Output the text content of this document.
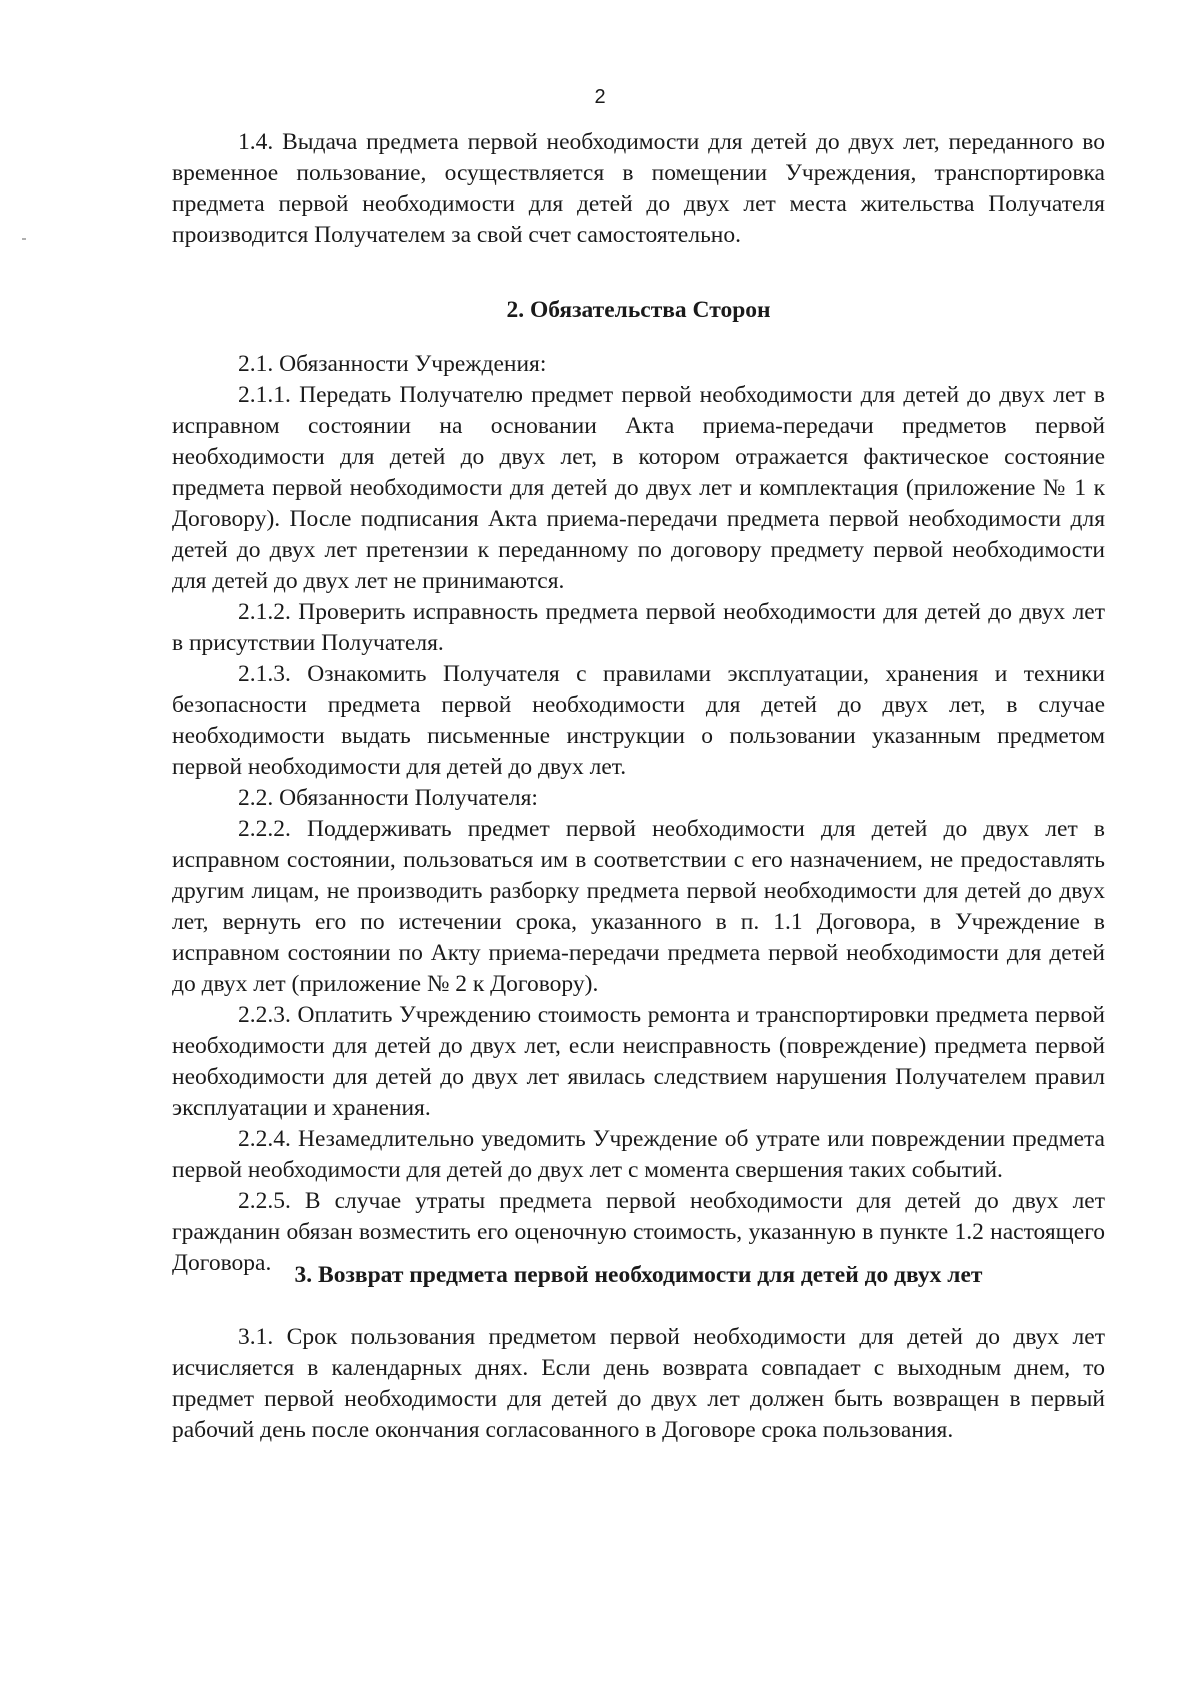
2

1.4. Выдача предмета первой необходимости для детей до двух лет, переданного во временное пользование, осуществляется в помещении Учреждения, транспортировка предмета первой необходимости для детей до двух лет места жительства Получателя производится Получателем за свой счет самостоятельно.

2. Обязательства Сторон

2.1. Обязанности Учреждения:

2.1.1. Передать Получателю предмет первой необходимости для детей до двух лет в исправном состоянии на основании Акта приема-передачи предметов первой необходимости для детей до двух лет, в котором отражается фактическое состояние предмета первой необходимости для детей до двух лет и комплектация (приложение № 1 к Договору). После подписания Акта приема-передачи предмета первой необходимости для детей до двух лет претензии к переданному по договору предмету первой необходимости для детей до двух лет не принимаются.

2.1.2. Проверить исправность предмета первой необходимости для детей до двух лет в присутствии Получателя.

2.1.3. Ознакомить Получателя с правилами эксплуатации, хранения и техники безопасности предмета первой необходимости для детей до двух лет, в случае необходимости выдать письменные инструкции о пользовании указанным предметом первой необходимости для детей до двух лет.

2.2. Обязанности Получателя:

2.2.2. Поддерживать предмет первой необходимости для детей до двух лет в исправном состоянии, пользоваться им в соответствии с его назначением, не предоставлять другим лицам, не производить разборку предмета первой необходимости для детей до двух лет, вернуть его по истечении срока, указанного в п. 1.1 Договора, в Учреждение в исправном состоянии по Акту приема-передачи предмета первой необходимости для детей до двух лет (приложение № 2 к Договору).

2.2.3. Оплатить Учреждению стоимость ремонта и транспортировки предмета первой необходимости для детей до двух лет, если неисправность (повреждение) предмета первой необходимости для детей до двух лет явилась следствием нарушения Получателем правил эксплуатации и хранения.

2.2.4. Незамедлительно уведомить Учреждение об утрате или повреждении предмета первой необходимости для детей до двух лет с момента свершения таких событий.

2.2.5. В случае утраты предмета первой необходимости для детей до двух лет гражданин обязан возместить его оценочную стоимость, указанную в пункте 1.2 настоящего Договора. 3. Возврат предмета первой необходимости для детей до двух лет

3.1. Срок пользования предметом первой необходимости для детей до двух лет исчисляется в календарных днях. Если день возврата совпадает с выходным днем, то предмет первой необходимости для детей до двух лет должен быть возвращен в первый рабочий день после окончания согласованного в Договоре срока пользования.
